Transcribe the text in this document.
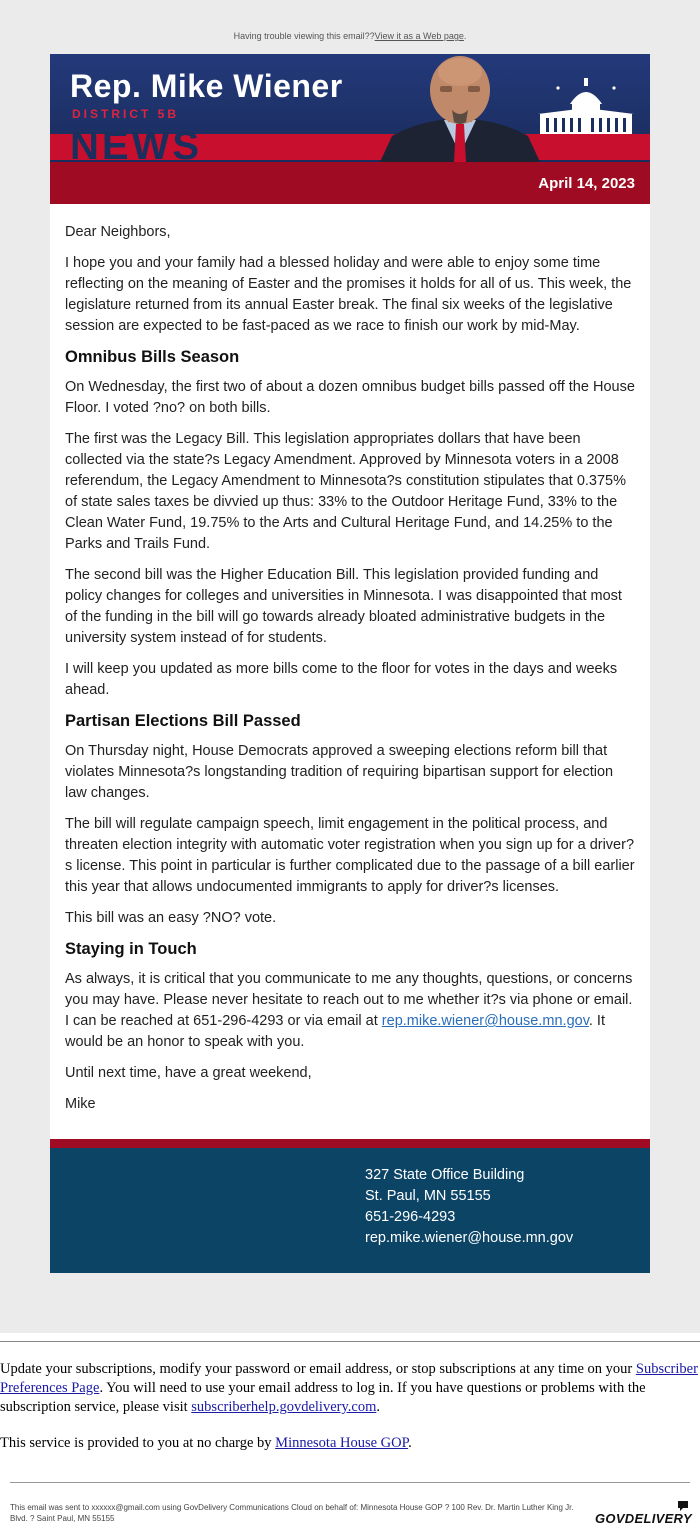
Having trouble viewing this email??View it as a Web page.
Rep. Mike Wiener
DISTRICT 5B
NEWS
April 14, 2023

Dear Neighbors,

I hope you and your family had a blessed holiday and were able to enjoy some time reflecting on the meaning of Easter and the promises it holds for all of us. This week, the legislature returned from its annual Easter break. The final six weeks of the legislative session are expected to be fast-paced as we race to finish our work by mid-May.

Omnibus Bills Season

On Wednesday, the first two of about a dozen omnibus budget bills passed off the House Floor. I voted ?no? on both bills.

The first was the Legacy Bill. This legislation appropriates dollars that have been collected via the state?s Legacy Amendment. Approved by Minnesota voters in a 2008 referendum, the Legacy Amendment to Minnesota?s constitution stipulates that 0.375% of state sales taxes be divvied up thus: 33% to the Outdoor Heritage Fund, 33% to the Clean Water Fund, 19.75% to the Arts and Cultural Heritage Fund, and 14.25% to the Parks and Trails Fund.

The second bill was the Higher Education Bill. This legislation provided funding and policy changes for colleges and universities in Minnesota. I was disappointed that most of the funding in the bill will go towards already bloated administrative budgets in the university system instead of for students.

I will keep you updated as more bills come to the floor for votes in the days and weeks ahead.

Partisan Elections Bill Passed

On Thursday night, House Democrats approved a sweeping elections reform bill that violates Minnesota?s longstanding tradition of requiring bipartisan support for election law changes.

The bill will regulate campaign speech, limit engagement in the political process, and threaten election integrity with automatic voter registration when you sign up for a driver?s license. This point in particular is further complicated due to the passage of a bill earlier this year that allows undocumented immigrants to apply for driver?s licenses.

This bill was an easy ?NO? vote.

Staying in Touch

As always, it is critical that you communicate to me any thoughts, questions, or concerns you may have. Please never hesitate to reach out to me whether it?s via phone or email. I can be reached at 651-296-4293 or via email at rep.mike.wiener@house.mn.gov. It would be an honor to speak with you.

Until next time, have a great weekend,

Mike

327 State Office Building
St. Paul, MN 55155
651-296-4293
rep.mike.wiener@house.mn.gov

Update your subscriptions, modify your password or email address, or stop subscriptions at any time on your Subscriber Preferences Page. You will need to use your email address to log in. If you have questions or problems with the subscription service, please visit subscriberhelp.govdelivery.com.

This service is provided to you at no charge by Minnesota House GOP.

This email was sent to xxxxxx@gmail.com using GovDelivery Communications Cloud on behalf of: Minnesota House GOP ? 100 Rev. Dr. Martin Luther King Jr. Blvd. ? Saint Paul, MN 55155	GOVDELIVERY
